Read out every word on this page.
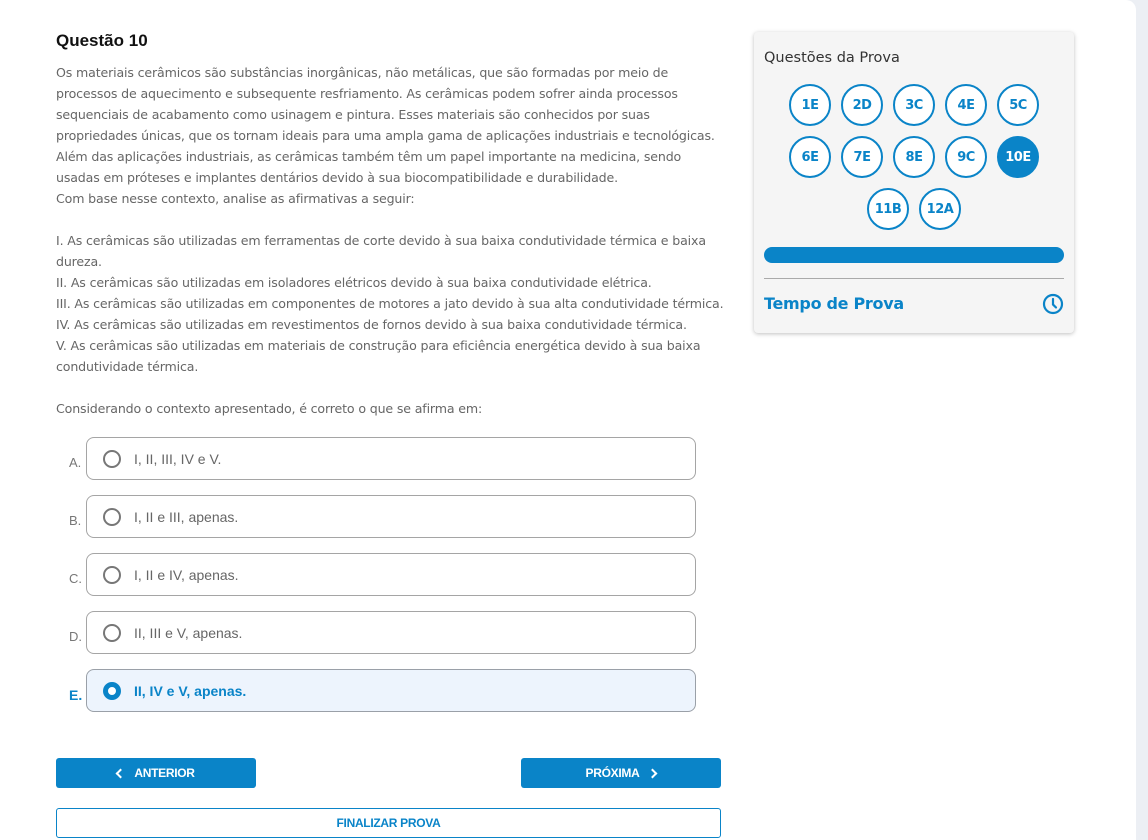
Questão 10

Os materiais cerâmicos são substâncias inorgânicas, não metálicas, que são formadas por meio de processos de aquecimento e subsequente resfriamento. As cerâmicas podem sofrer ainda processos sequenciais de acabamento como usinagem e pintura. Esses materiais são conhecidos por suas propriedades únicas, que os tornam ideais para uma ampla gama de aplicações industriais e tecnológicas. Além das aplicações industriais, as cerâmicas também têm um papel importante na medicina, sendo usadas em próteses e implantes dentários devido à sua biocompatibilidade e durabilidade.

Com base nesse contexto, analise as afirmativas a seguir:

I. As cerâmicas são utilizadas em ferramentas de corte devido à sua baixa condutividade térmica e baixa dureza.

II. As cerâmicas são utilizadas em isoladores elétricos devido à sua baixa condutividade elétrica.

III. As cerâmicas são utilizadas em componentes de motores a jato devido à sua alta condutividade térmica.

IV. As cerâmicas são utilizadas em revestimentos de fornos devido à sua baixa condutividade térmica.

V. As cerâmicas são utilizadas em materiais de construção para eficiência energética devido à sua baixa condutividade térmica.

Considerando o contexto apresentado, é correto o que se afirma em:

A.	I, II, III, IV e V.
B.	I, II e III, apenas.
C.	I, II e IV, apenas.
D.	II, III e V, apenas.
E.	II, IV e V, apenas.
ANTERIOR	PRÓXIMA
FINALIZAR PROVA
Questões da Prova
1E	2D	3C	4E	5C
6E	7E	8E	9C	10E
11B	12A
Tempo de Prova
